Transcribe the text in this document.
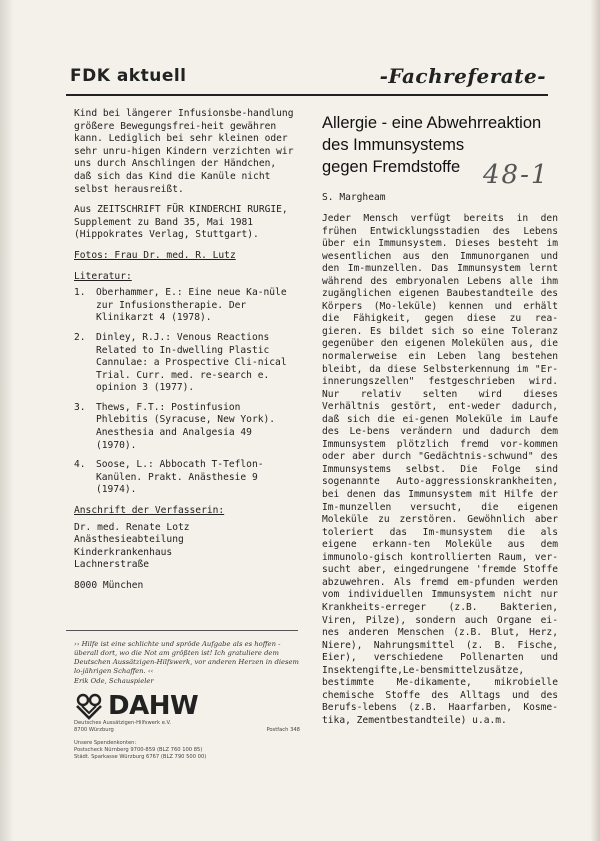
FDK aktuell	-Fachreferate-

Kind bei längerer Infusionsbe-handlung größere Bewegungsfrei-heit gewähren kann. Lediglich bei sehr kleinen oder sehr unru-higen Kindern verzichten wir uns durch Anschlingen der Händchen, daß sich das Kind die Kanüle nicht selbst herausreißt.

Aus ZEITSCHRIFT FÜR KINDERCHI RURGIE, Supplement zu Band 35, Mai 1981 (Hippokrates Verlag, Stuttgart).

Fotos: Frau Dr. med. R. Lutz

Literatur:
1. Oberhammer, E.: Eine neue Ka-nüle zur Infusionstherapie. Der Klinikarzt 4 (1978).
2. Dinley, R.J.: Venous Reactions Related to In-dwelling Plastic Cannulae: a Prospective Cli-nical Trial. Curr. med. re-search e. opinion 3 (1977).
3. Thews, F.T.: Postinfusion Phlebitis (Syracuse, New York). Anesthesia and Analgesia 49 (1970).
4. Soose, L.: Abbocath T-Teflon-Kanülen. Prakt. Anästhesie 9 (1974).
Anschrift der Verfasserin:
Dr. med. Renate Lotz
Anästhesieabteilung
Kinderkrankenhaus
Lachnerstraße
8000 München
›› Hilfe ist eine schlichte und spröde Aufgabe als es hoffen - überall dort, wo die Not am größten ist! Ich gratuliere dem Deutschen Aussätzigen-Hilfswerk, vor anderen Herzen in diesem lo-jährigen Schaffen. ‹‹
Erik Ode, Schauspieler
DAHW
Deutsches Aussätzigen-Hilfswerk e.V.
8700 Würzburg	Postfach 348
Unsere Spendenkonten:
Postscheck Nürnberg 9700-859 (BLZ 760 100 85)
Städt. Sparkasse Würzburg 6767 (BLZ 790 500 00)
Allergie - eine Abwehrreaktion
des Immunsystems
gegen Fremdstoffe
S. Margheam
Jeder Mensch verfügt bereits in den frühen Entwicklungsstadien des Lebens über ein Immunsystem. Dieses besteht im wesentlichen aus den Immunorganen und den Im-munzellen. Das Immunsystem lernt während des embryonalen Lebens alle ihm zugänglichen eigenen Baubestandteile des Körpers (Mo-leküle) kennen und erhält die Fähigkeit, gegen diese zu rea-gieren. Es bildet sich so eine Toleranz gegenüber den eigenen Molekülen aus, die normalerweise ein Leben lang bestehen bleibt, da diese Selbsterkennung im "Er-innerungszellen" festgeschrieben wird. Nur relativ selten wird dieses Verhältnis gestört, ent-weder dadurch, daß sich die ei-genen Moleküle im Laufe des Le-bens verändern und dadurch dem Immunsystem plötzlich fremd vor-kommen oder aber durch "Gedächtnis-schwund" des Immunsystems selbst. Die Folge sind sogenannte Auto-aggressionskrankheiten, bei denen das Immunsystem mit Hilfe der Im-munzellen versucht, die eigenen Moleküle zu zerstören. Gewöhnlich aber toleriert das Im-munsystem die als eigene erkann-ten Moleküle aus dem immunolo-gisch kontrollierten Raum, ver-sucht aber, eingedrungene 'fremde Stoffe abzuwehren. Als fremd em-pfunden werden vom individuellen Immunsystem nicht nur Krankheits-erreger (z.B. Bakterien, Viren, Pilze), sondern auch Organe ei-nes anderen Menschen (z.B. Blut, Herz, Niere), Nahrungsmittel (z. B. Fische, Eier), verschiedene Pollenarten und Insektengifte,Le-bensmittelzusätze, bestimmte Me-dikamente, mikrobielle chemische Stoffe des Alltags und des Berufs-lebens (z.B. Haarfarben, Kosme-tika, Zementbestandteile) u.a.m.
48-1
